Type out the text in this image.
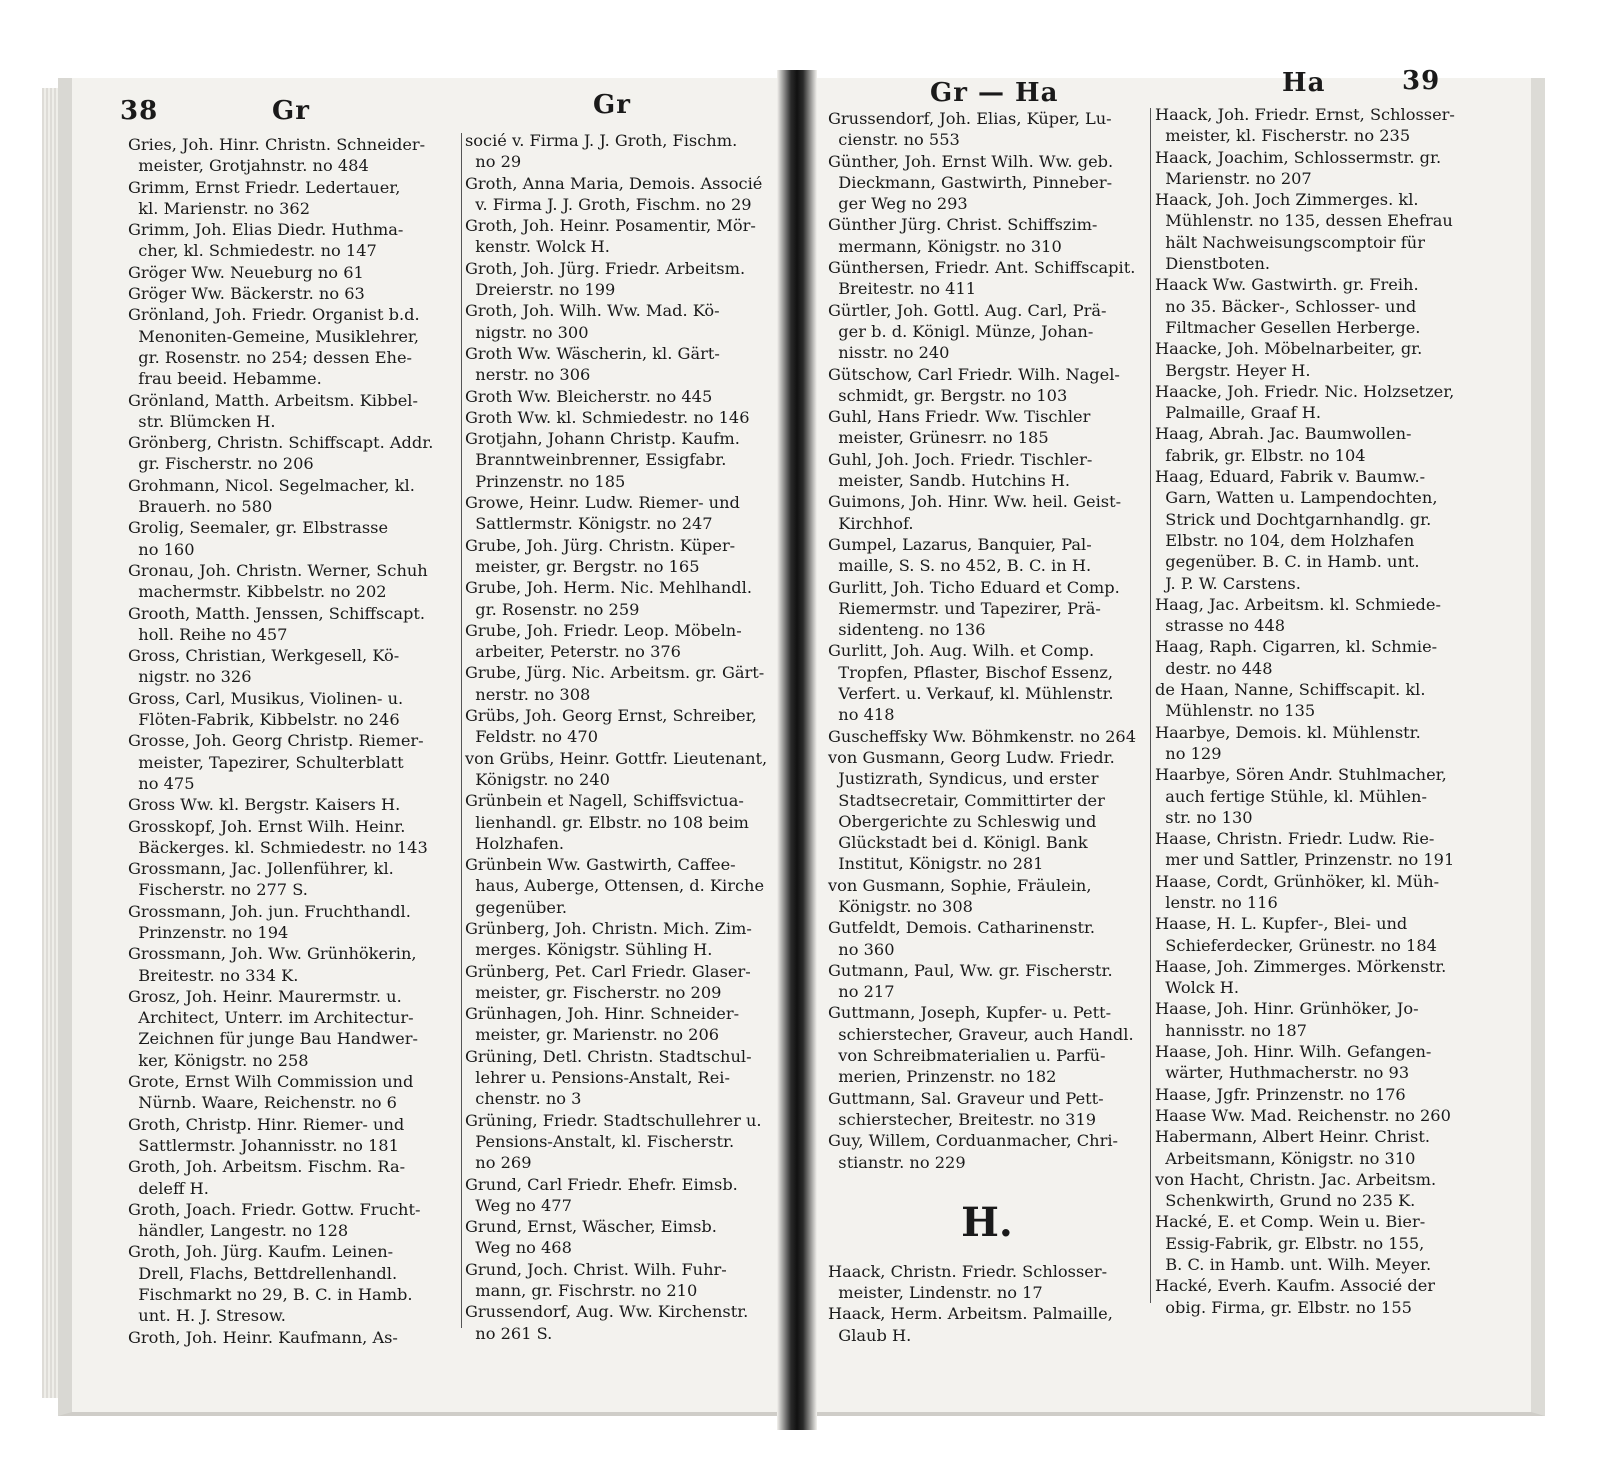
38	Gr	Gr	Gr — Ha	Ha	39
Gries, Joh. Hinr. Christn. Schneider-
meister, Grotjahnstr. no 484
Grimm, Ernst Friedr. Ledertauer,
kl. Marienstr. no 362
Grimm, Joh. Elias Diedr. Huthma-
cher, kl. Schmiedestr. no 147
Gröger Ww. Neueburg no 61
Gröger Ww. Bäckerstr. no 63
Grönland, Joh. Friedr. Organist b.d.
Menoniten-Gemeine, Musiklehrer,
gr. Rosenstr. no 254; dessen Ehe-
frau beeid. Hebamme.
Grönland, Matth. Arbeitsm. Kibbel-
str. Blümcken H.
Grönberg, Christn. Schiffscapt. Addr.
gr. Fischerstr. no 206
Grohmann, Nicol. Segelmacher, kl.
Brauerh. no 580
Grolig, Seemaler, gr. Elbstrasse
no 160
Gronau, Joh. Christn. Werner, Schuh
machermstr. Kibbelstr. no 202
Grooth, Matth. Jenssen, Schiffscapt.
holl. Reihe no 457
Gross, Christian, Werkgesell, Kö-
nigstr. no 326
Gross, Carl, Musikus, Violinen- u.
Flöten-Fabrik, Kibbelstr. no 246
Grosse, Joh. Georg Christp. Riemer-
meister, Tapezirer, Schulterblatt
no 475
Gross Ww. kl. Bergstr. Kaisers H.
Grosskopf, Joh. Ernst Wilh. Heinr.
Bäckerges. kl. Schmiedestr. no 143
Grossmann, Jac. Jollenführer, kl.
Fischerstr. no 277 S.
Grossmann, Joh. jun. Fruchthandl.
Prinzenstr. no 194
Grossmann, Joh. Ww. Grünhökerin,
Breitestr. no 334 K.
Grosz, Joh. Heinr. Maurermstr. u.
Architect, Unterr. im Architectur-
Zeichnen für junge Bau Handwer-
ker, Königstr. no 258
Grote, Ernst Wilh Commission und
Nürnb. Waare, Reichenstr. no 6
Groth, Christp. Hinr. Riemer- und
Sattlermstr. Johannisstr. no 181
Groth, Joh. Arbeitsm. Fischm. Ra-
deleff H.
Groth, Joach. Friedr. Gottw. Frucht-
händler, Langestr. no 128
Groth, Joh. Jürg. Kaufm. Leinen-
Drell, Flachs, Bettdrellenhandl.
Fischmarkt no 29, B. C. in Hamb.
unt. H. J. Stresow.
Groth, Joh. Heinr. Kaufmann, As-
socié v. Firma J. J. Groth, Fischm.
no 29
Groth, Anna Maria, Demois. Associé
v. Firma J. J. Groth, Fischm. no 29
Groth, Joh. Heinr. Posamentir, Mör-
kenstr. Wolck H.
Groth, Joh. Jürg. Friedr. Arbeitsm.
Dreierstr. no 199
Groth, Joh. Wilh. Ww. Mad. Kö-
nigstr. no 300
Groth Ww. Wäscherin, kl. Gärt-
nerstr. no 306
Groth Ww. Bleicherstr. no 445
Groth Ww. kl. Schmiedestr. no 146
Grotjahn, Johann Christp. Kaufm.
Branntweinbrenner, Essigfabr.
Prinzenstr. no 185
Growe, Heinr. Ludw. Riemer- und
Sattlermstr. Königstr. no 247
Grube, Joh. Jürg. Christn. Küper-
meister, gr. Bergstr. no 165
Grube, Joh. Herm. Nic. Mehlhandl.
gr. Rosenstr. no 259
Grube, Joh. Friedr. Leop. Möbeln-
arbeiter, Peterstr. no 376
Grube, Jürg. Nic. Arbeitsm. gr. Gärt-
nerstr. no 308
Grübs, Joh. Georg Ernst, Schreiber,
Feldstr. no 470
von Grübs, Heinr. Gottfr. Lieutenant,
Königstr. no 240
Grünbein et Nagell, Schiffsvictua-
lienhandl. gr. Elbstr. no 108 beim
Holzhafen.
Grünbein Ww. Gastwirth, Caffee-
haus, Auberge, Ottensen, d. Kirche
gegenüber.
Grünberg, Joh. Christn. Mich. Zim-
merges. Königstr. Sühling H.
Grünberg, Pet. Carl Friedr. Glaser-
meister, gr. Fischerstr. no 209
Grünhagen, Joh. Hinr. Schneider-
meister, gr. Marienstr. no 206
Grüning, Detl. Christn. Stadtschul-
lehrer u. Pensions-Anstalt, Rei-
chenstr. no 3
Grüning, Friedr. Stadtschullehrer u.
Pensions-Anstalt, kl. Fischerstr.
no 269
Grund, Carl Friedr. Ehefr. Eimsb.
Weg no 477
Grund, Ernst, Wäscher, Eimsb.
Weg no 468
Grund, Joch. Christ. Wilh. Fuhr-
mann, gr. Fischrstr. no 210
Grussendorf, Aug. Ww. Kirchenstr.
no 261 S.
Grussendorf, Joh. Elias, Küper, Lu-
cienstr. no 553
Günther, Joh. Ernst Wilh. Ww. geb.
Dieckmann, Gastwirth, Pinneber-
ger Weg no 293
Günther Jürg. Christ. Schiffszim-
mermann, Königstr. no 310
Günthersen, Friedr. Ant. Schiffscapit.
Breitestr. no 411
Gürtler, Joh. Gottl. Aug. Carl, Prä-
ger b. d. Königl. Münze, Johan-
nisstr. no 240
Gütschow, Carl Friedr. Wilh. Nagel-
schmidt, gr. Bergstr. no 103
Guhl, Hans Friedr. Ww. Tischler
meister, Grünesrr. no 185
Guhl, Joh. Joch. Friedr. Tischler-
meister, Sandb. Hutchins H.
Guimons, Joh. Hinr. Ww. heil. Geist-
Kirchhof.
Gumpel, Lazarus, Banquier, Pal-
maille, S. S. no 452, B. C. in H.
Gurlitt, Joh. Ticho Eduard et Comp.
Riemermstr. und Tapezirer, Prä-
sidenteng. no 136
Gurlitt, Joh. Aug. Wilh. et Comp.
Tropfen, Pflaster, Bischof Essenz,
Verfert. u. Verkauf, kl. Mühlenstr.
no 418
Guscheffsky Ww. Böhmkenstr. no 264
von Gusmann, Georg Ludw. Friedr.
Justizrath, Syndicus, und erster
Stadtsecretair, Committirter der
Obergerichte zu Schleswig und
Glückstadt bei d. Königl. Bank
Institut, Königstr. no 281
von Gusmann, Sophie, Fräulein,
Königstr. no 308
Gutfeldt, Demois. Catharinenstr.
no 360
Gutmann, Paul, Ww. gr. Fischerstr.
no 217
Guttmann, Joseph, Kupfer- u. Pett-
schierstecher, Graveur, auch Handl.
von Schreibmaterialien u. Parfü-
merien, Prinzenstr. no 182
Guttmann, Sal. Graveur und Pett-
schierstecher, Breitestr. no 319
Guy, Willem, Corduanmacher, Chri-
stianstr. no 229
H.
Haack, Christn. Friedr. Schlosser-
meister, Lindenstr. no 17
Haack, Herm. Arbeitsm. Palmaille,
Glaub H.
Haack, Joh. Friedr. Ernst, Schlosser-
meister, kl. Fischerstr. no 235
Haack, Joachim, Schlossermstr. gr.
Marienstr. no 207
Haack, Joh. Joch Zimmerges. kl.
Mühlenstr. no 135, dessen Ehefrau
hält Nachweisungscomptoir für
Dienstboten.
Haack Ww. Gastwirth. gr. Freih.
no 35. Bäcker-, Schlosser- und
Filtmacher Gesellen Herberge.
Haacke, Joh. Möbelnarbeiter, gr.
Bergstr. Heyer H.
Haacke, Joh. Friedr. Nic. Holzsetzer,
Palmaille, Graaf H.
Haag, Abrah. Jac. Baumwollen-
fabrik, gr. Elbstr. no 104
Haag, Eduard, Fabrik v. Baumw.-
Garn, Watten u. Lampendochten,
Strick und Dochtgarnhandlg. gr.
Elbstr. no 104, dem Holzhafen
gegenüber. B. C. in Hamb. unt.
J. P. W. Carstens.
Haag, Jac. Arbeitsm. kl. Schmiede-
strasse no 448
Haag, Raph. Cigarren, kl. Schmie-
destr. no 448
de Haan, Nanne, Schiffscapit. kl.
Mühlenstr. no 135
Haarbye, Demois. kl. Mühlenstr.
no 129
Haarbye, Sören Andr. Stuhlmacher,
auch fertige Stühle, kl. Mühlen-
str. no 130
Haase, Christn. Friedr. Ludw. Rie-
mer und Sattler, Prinzenstr. no 191
Haase, Cordt, Grünhöker, kl. Müh-
lenstr. no 116
Haase, H. L. Kupfer-, Blei- und
Schieferdecker, Grünestr. no 184
Haase, Joh. Zimmerges. Mörkenstr.
Wolck H.
Haase, Joh. Hinr. Grünhöker, Jo-
hannisstr. no 187
Haase, Joh. Hinr. Wilh. Gefangen-
wärter, Huthmacherstr. no 93
Haase, Jgfr. Prinzenstr. no 176
Haase Ww. Mad. Reichenstr. no 260
Habermann, Albert Heinr. Christ.
Arbeitsmann, Königstr. no 310
von Hacht, Christn. Jac. Arbeitsm.
Schenkwirth, Grund no 235 K.
Hacké, E. et Comp. Wein u. Bier-
Essig-Fabrik, gr. Elbstr. no 155,
B. C. in Hamb. unt. Wilh. Meyer.
Hacké, Everh. Kaufm. Associé der
obig. Firma, gr. Elbstr. no 155
